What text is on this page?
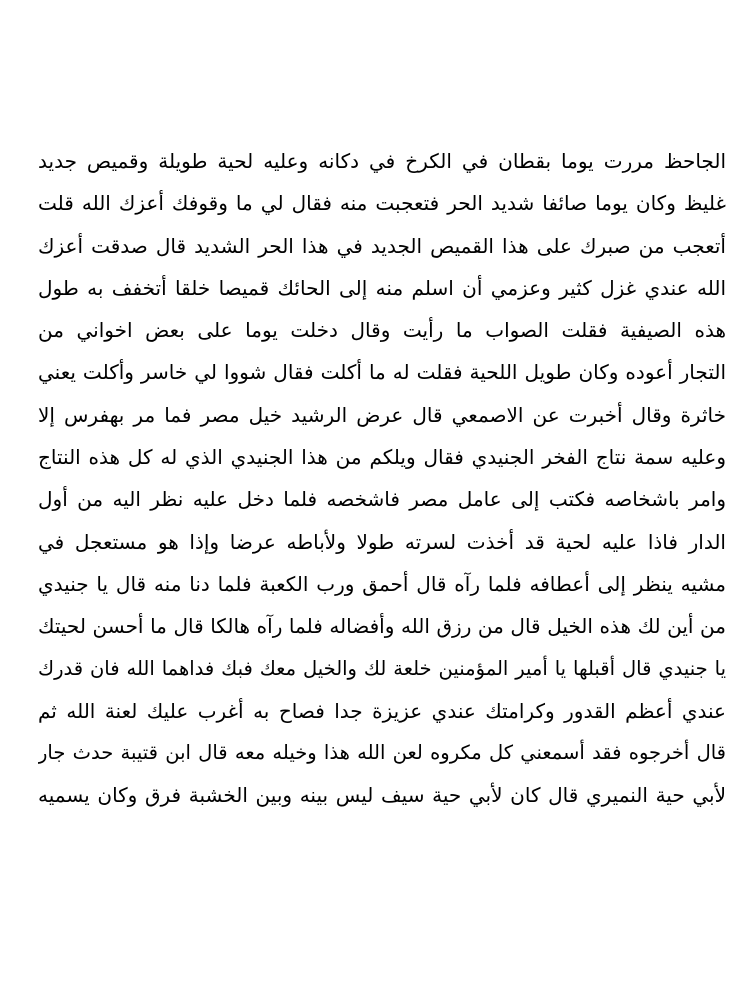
الجاحظ مررت يوما بقطان في الكرخ في دكانه وعليه لحية طويلة وقميص جديد
غليظ وكان يوما صائفا شديد الحر فتعجبت منه فقال لي ما وقوفك أعزك الله قلت
أتعجب من صبرك على هذا القميص الجديد في هذا الحر الشديد قال صدقت أعزك
الله عندي غزل كثير وعزمي أن اسلم منه إلى الحائك قميصا خلقا أتخفف به طول
هذه الصيفية فقلت الصواب ما رأيت وقال دخلت يوما على بعض اخواني من
التجار أعوده وكان طويل اللحية فقلت له ما أكلت فقال شووا لي خاسر وأكلت يعني
خاثرة وقال أخبرت عن الاصمعي قال عرض الرشيد خيل مصر فما مر بهفرس إلا
وعليه سمة نتاج الفخر الجنيدي فقال ويلكم من هذا الجنيدي الذي له كل هذه النتاج
وامر باشخاصه فكتب إلى عامل مصر فاشخصه فلما دخل عليه نظر اليه من أول
الدار فاذا عليه لحية قد أخذت لسرته طولا ولأباطه عرضا وإذا هو مستعجل في
مشيه ينظر إلى أعطافه فلما رآه قال أحمق ورب الكعبة فلما دنا منه قال يا جنيدي
من أين لك هذه الخيل قال من رزق الله وأفضاله فلما رآه هالكا قال ما أحسن لحيتك
يا جنيدي قال أقبلها يا أمير المؤمنين خلعة لك والخيل معك فبك فداهما الله فان قدرك
عندي أعظم القدور وكرامتك عندي عزيزة جدا فصاح به أغرب عليك لعنة الله ثم
قال أخرجوه فقد أسمعني كل مكروه لعن الله هذا وخيله معه قال ابن قتيبة حدث جار
لأبي حية النميري قال كان لأبي حية سيف ليس بينه وبين الخشبة فرق وكان يسميه
